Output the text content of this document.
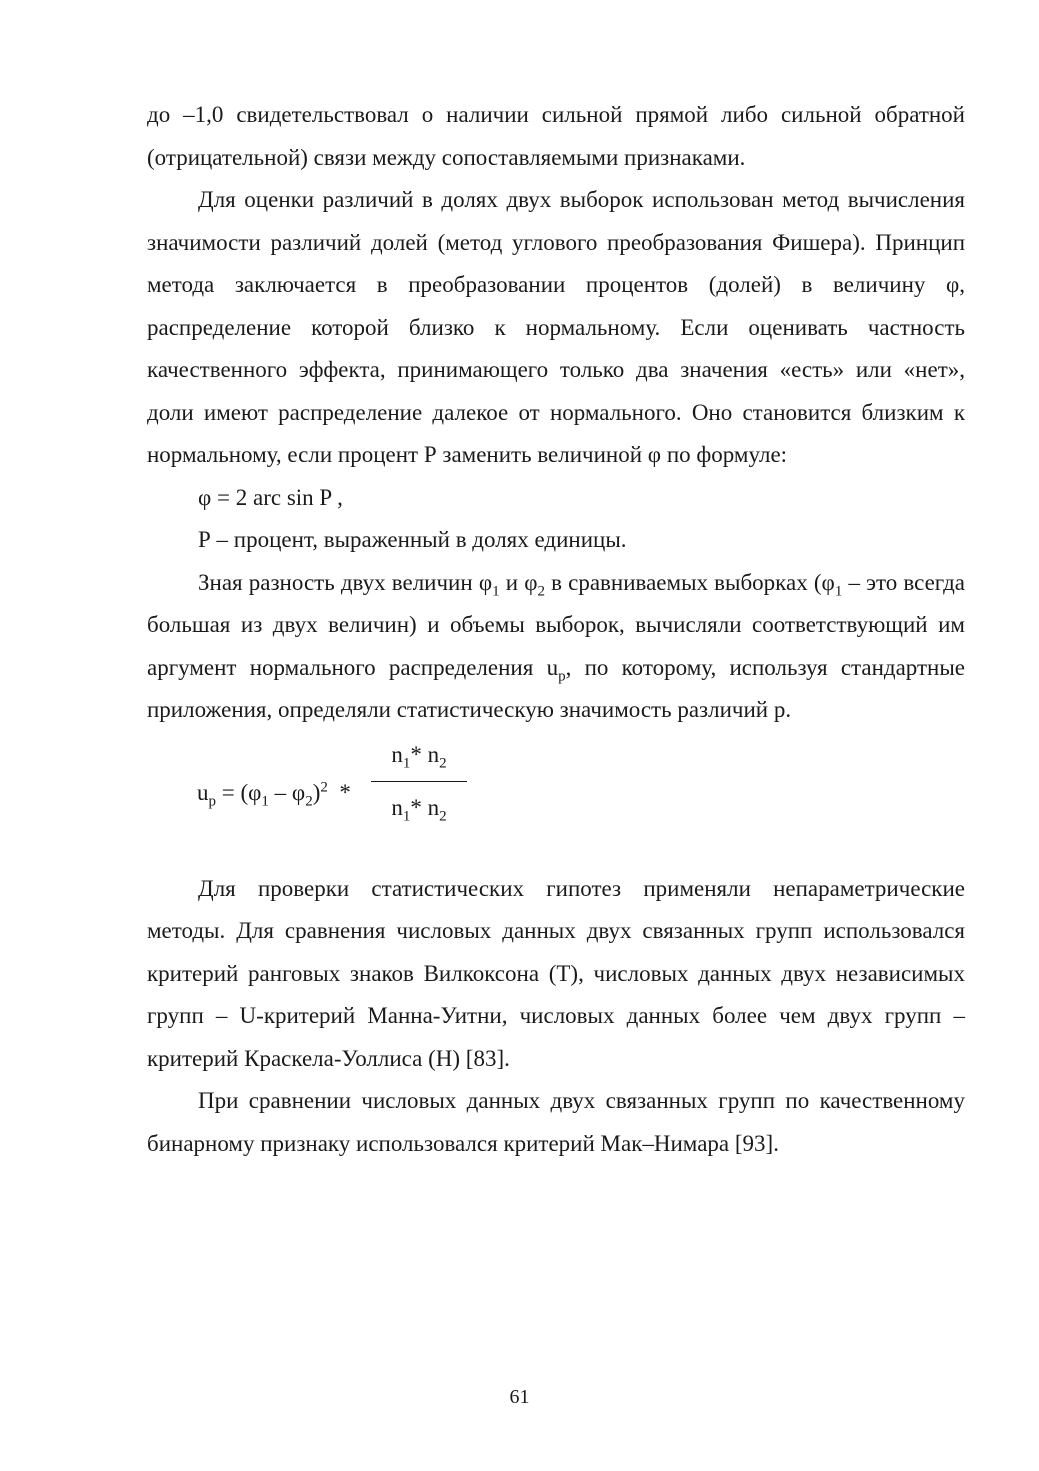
до –1,0 свидетельствовал о наличии сильной прямой либо сильной обратной (отрицательной) связи между сопоставляемыми признаками.

Для оценки различий в долях двух выборок использован метод вычисления значимости различий долей (метод углового преобразования Фишера). Принцип метода заключается в преобразовании процентов (долей) в величину φ, распределение которой близко к нормальному. Если оценивать частность качественного эффекта, принимающего только два значения «есть» или «нет», доли имеют распределение далекое от нормального. Оно становится близким к нормальному, если процент Р заменить величиной φ по формуле:

φ = 2 arc sin P ,

Р – процент, выраженный в долях единицы.

Зная разность двух величин $\varphi_1$ и $\varphi_2$ в сравниваемых выборках ($\varphi_1$ – это всегда большая из двух величин) и объемы выборок, вычисляли соответствующий им аргумент нормального распределения $u_p$, по которому, используя стандартные приложения, определяли статистическую значимость различий p.

$u_p = (\varphi_1 - \varphi_2)^2$  *
$n_1*$ $n_2$
$n_1*$ $n_2$

Для проверки статистических гипотез применяли непараметрические методы. Для сравнения числовых данных двух связанных групп использовался критерий ранговых знаков Вилкоксона (Т), числовых данных двух независимых групп – U-критерий Манна-Уитни, числовых данных более чем двух групп – критерий Краскела-Уоллиса (Н) [83].

При сравнении числовых данных двух связанных групп по качественному бинарному признаку использовался критерий Мак–Нимара [93].

61
